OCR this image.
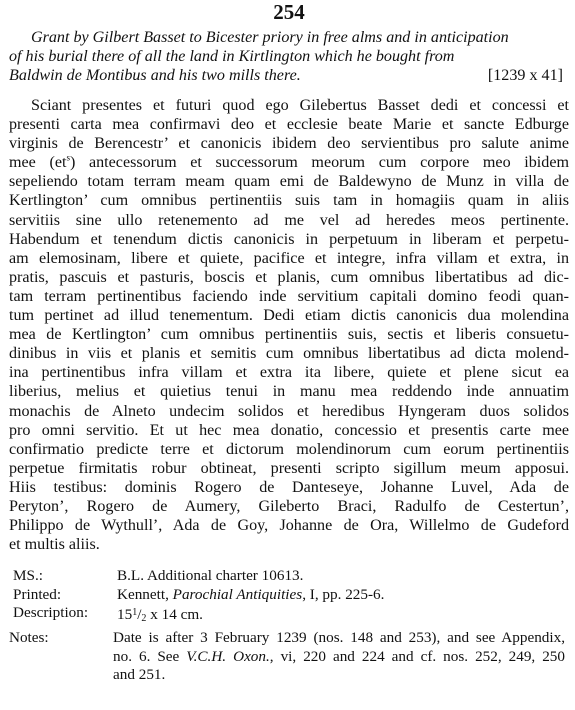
254
Grant by Gilbert Basset to Bicester priory in free alms and in anticipation
of his burial there of all the land in Kirtlington which he bought from
Baldwin de Montibus and his two mills there.	[1239 x 41]
Sciant presentes et futuri quod ego Gilebertus Basset dedi et concessi et
presenti carta mea confirmavi deo et ecclesie beate Marie et sancte Edburge
virginis de Berencestr’ et canonicis ibidem deo servientibus pro salute anime
mee $(et^s)$ antecessorum et successorum meorum cum corpore meo ibidem
sepeliendo totam terram meam quam emi de Baldewyno de Munz in villa de
Kertlington’ cum omnibus pertinentiis suis tam in homagiis quam in aliis
servitiis sine ullo retenemento ad me vel ad heredes meos pertinente.
Habendum et tenendum dictis canonicis in perpetuum in liberam et perpetu-
am elemosinam, libere et quiete, pacifice et integre, infra villam et extra, in
pratis, pascuis et pasturis, boscis et planis, cum omnibus libertatibus ad dic-
tam terram pertinentibus faciendo inde servitium capitali domino feodi quan-
tum pertinet ad illud tenementum. Dedi etiam dictis canonicis dua molendina
mea de Kertlington’ cum omnibus pertinentiis suis, sectis et liberis consuetu-
dinibus in viis et planis et semitis cum omnibus libertatibus ad dicta molend-
ina pertinentibus infra villam et extra ita libere, quiete et plene sicut ea
liberius, melius et quietius tenui in manu mea reddendo inde annuatim
monachis de Alneto undecim solidos et heredibus Hyngeram duos solidos
pro omni servitio. Et ut hec mea donatio, concessio et presentis carte mee
confirmatio predicte terre et dictorum molendinorum cum eorum pertinentiis
perpetue firmitatis robur obtineat, presenti scripto sigillum meum apposui.
Hiis testibus: dominis Rogero de Danteseye, Johanne Luvel, Ada de
Peryton’, Rogero de Aumery, Gileberto Braci, Radulfo de Cestertun’,
Philippo de Wythull’, Ada de Goy, Johanne de Ora, Willelmo de Gudeford
et multis aliis.
MS.:	B.L. Additional charter 10613.
Printed:	Kennett, Parochial Antiquities, I, pp. 225-6.
Description:	$15^1/2$ x 14 cm.
Notes:	Date is after 3 February 1239 (nos. 148 and 253), and see Appendix,
no. 6. See V.C.H. Oxon., vi, 220 and 224 and cf. nos. 252, 249, 250
and 251.
